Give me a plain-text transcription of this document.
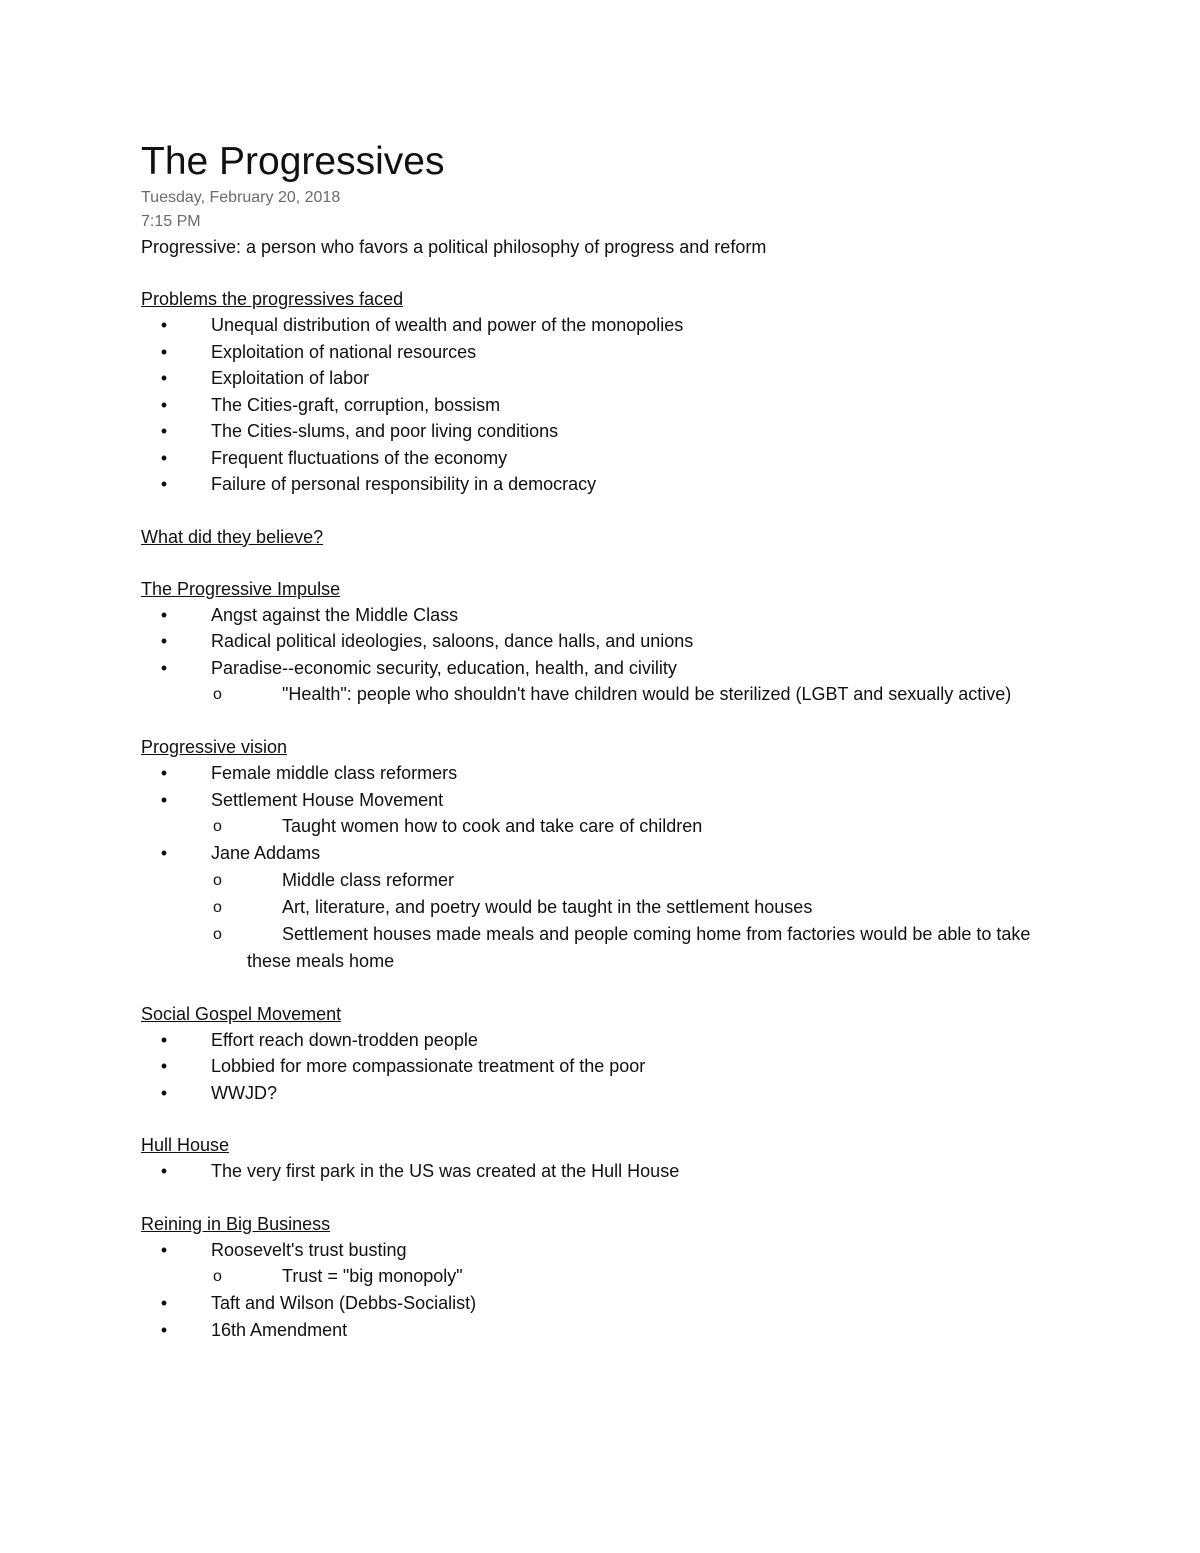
The Progressives
Tuesday, February 20, 2018
7:15 PM

Progressive: a person who favors a political philosophy of progress and reform

Problems the progressives faced

• Unequal distribution of wealth and power of the monopolies
• Exploitation of national resources
• Exploitation of labor
• The Cities-graft, corruption, bossism
• The Cities-slums, and poor living conditions
• Frequent fluctuations of the economy
• Failure of personal responsibility in a democracy

What did they believe?

The Progressive Impulse

• Angst against the Middle Class
• Radical political ideologies, saloons, dance halls, and unions
• Paradise--economic security, education, health, and civility
o	"Health": people who shouldn't have children would be sterilized (LGBT and sexually active)

Progressive vision

• Female middle class reformers
• Settlement House Movement
o	Taught women how to cook and take care of children
• Jane Addams
o	Middle class reformer
o	Art, literature, and poetry would be taught in the settlement houses
o	Settlement houses made meals and people coming home from factories would be able to take these meals home

Social Gospel Movement

• Effort reach down-trodden people
• Lobbied for more compassionate treatment of the poor
• WWJD?

Hull House

• The very first park in the US was created at the Hull House

Reining in Big Business

• Roosevelt's trust busting
o	Trust = "big monopoly"
• Taft and Wilson (Debbs-Socialist)
• 16th Amendment
